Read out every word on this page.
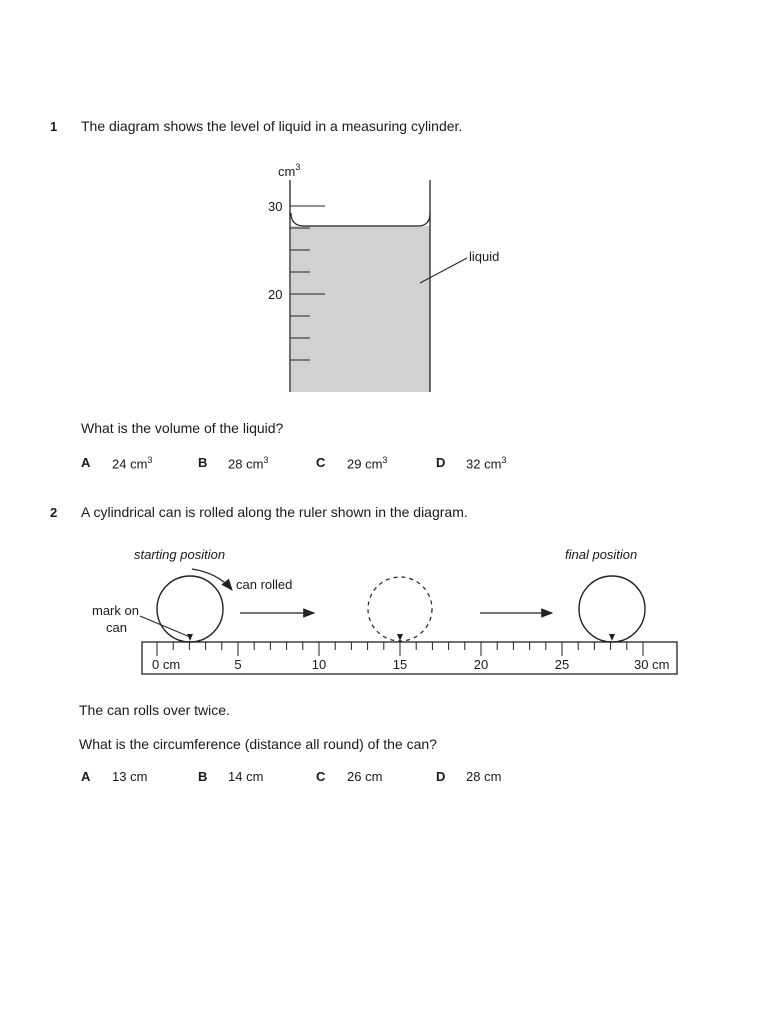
1 The diagram shows the level of liquid in a measuring cylinder.
$cm^3$
30
20
liquid
What is the volume of the liquid?
A 24 $cm^3$	B 28 $cm^3$	C 29 $cm^3$	D 32 $cm^3$
2 A cylindrical can is rolled along the ruler shown in the diagram.
starting position	final position
can rolled
mark on
can
0 cm	5	10	15	20	25	30 cm
The can rolls over twice.
What is the circumference (distance all round) of the can?
A 13 cm	B 14 cm	C 26 cm	D 28 cm
